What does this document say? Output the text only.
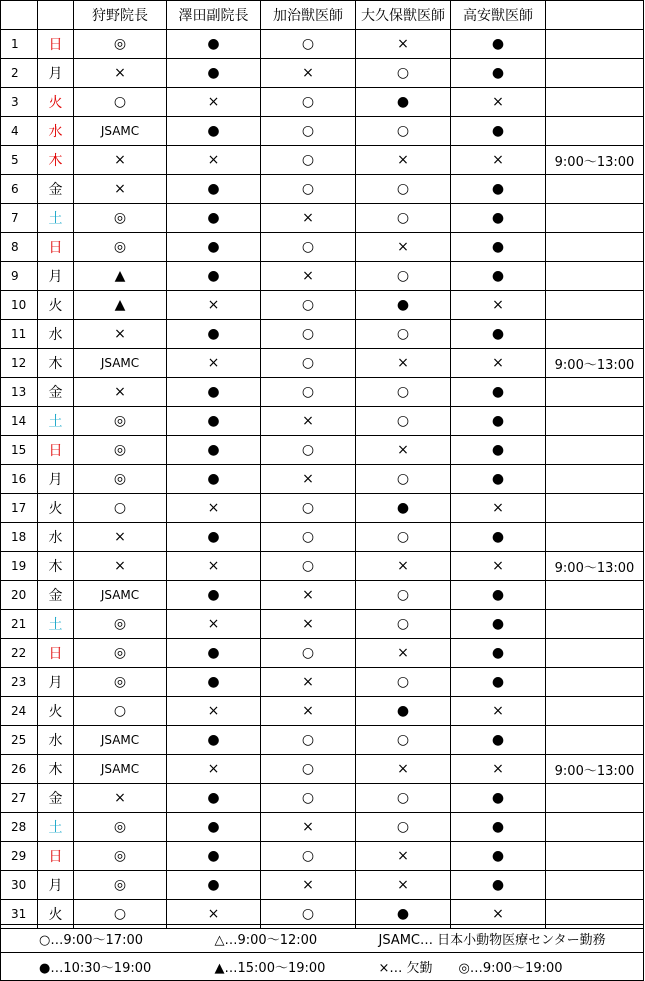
		狩野院長	澤田副院長	加治獣医師	大久保獣医師	高安獣医師	
1	日	◎	●	○	×	●	
2	月	×	●	×	○	●	
3	火	○	×	○	●	×	
4	水	JSAMC	●	○	○	●	
5	木	×	×	○	×	×	9:00～13:00
6	金	×	●	○	○	●	
7	土	◎	●	×	○	●	
8	日	◎	●	○	×	●	
9	月	▲	●	×	○	●	
10	火	▲	×	○	●	×	
11	水	×	●	○	○	●	
12	木	JSAMC	×	○	×	×	9:00～13:00
13	金	×	●	○	○	●	
14	土	◎	●	×	○	●	
15	日	◎	●	○	×	●	
16	月	◎	●	×	○	●	
17	火	○	×	○	●	×	
18	水	×	●	○	○	●	
19	木	×	×	○	×	×	9:00～13:00
20	金	JSAMC	●	×	○	●	
21	土	◎	×	×	○	●	
22	日	◎	●	○	×	●	
23	月	◎	●	×	○	●	
24	火	○	×	×	●	×	
25	水	JSAMC	●	○	○	●	
26	木	JSAMC	×	○	×	×	9:00～13:00
27	金	×	●	○	○	●	
28	土	◎	●	×	○	●	
29	日	◎	●	○	×	●	
30	月	◎	●	×	×	●	
31	火	○	×	○	●	×	
○…9:00～17:00	△…9:00～12:00	JSAMC… 日本小動物医療センター勤務
●…10:30～19:00	▲…15:00～19:00	×… 欠勤　　◎…9:00～19:00
